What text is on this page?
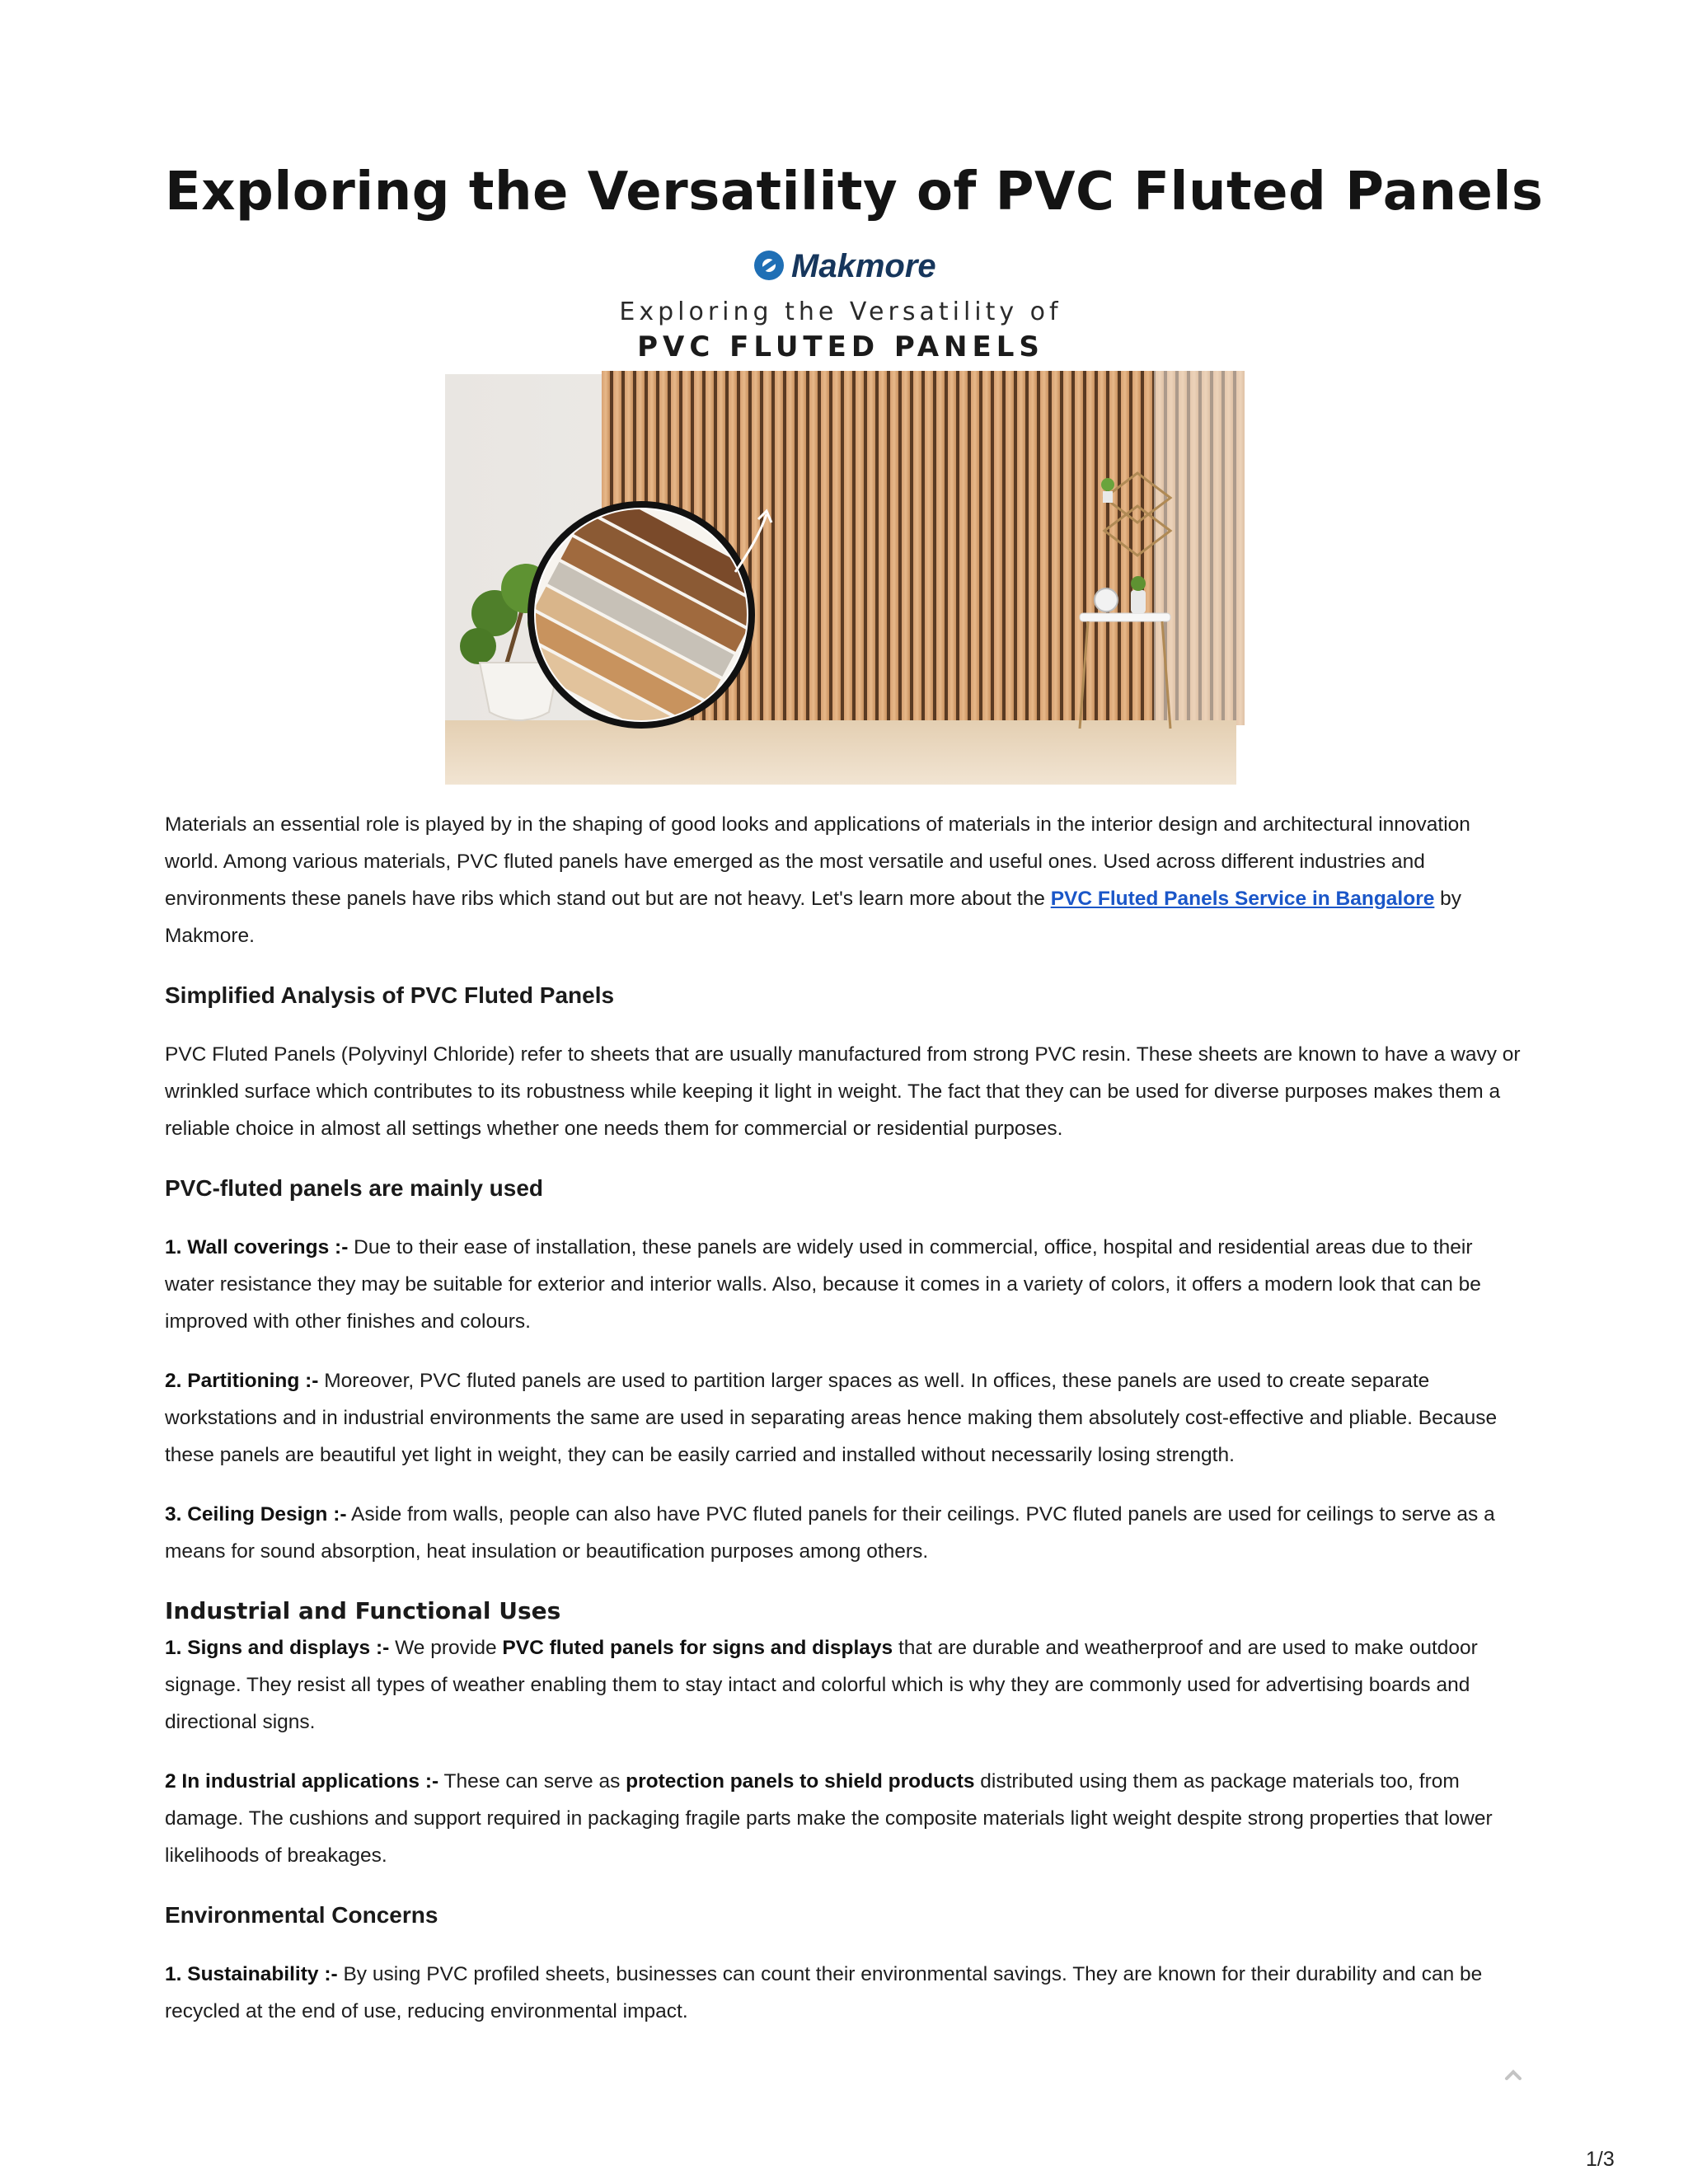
Exploring the Versatility of PVC Fluted Panels
Makmore
Exploring the Versatility of
PVC FLUTED PANELS

Materials an essential role is played by in the shaping of good looks and applications of materials in the interior design and architectural innovation world. Among various materials, PVC fluted panels have emerged as the most versatile and useful ones. Used across different industries and environments these panels have ribs which stand out but are not heavy. Let's learn more about the PVC Fluted Panels Service in Bangalore by Makmore.

Simplified Analysis of PVC Fluted Panels

PVC Fluted Panels (Polyvinyl Chloride) refer to sheets that are usually manufactured from strong PVC resin. These sheets are known to have a wavy or wrinkled surface which contributes to its robustness while keeping it light in weight. The fact that they can be used for diverse purposes makes them a reliable choice in almost all settings whether one needs them for commercial or residential purposes.

PVC-fluted panels are mainly used

1. Wall coverings :- Due to their ease of installation, these panels are widely used in commercial, office, hospital and residential areas due to their water resistance they may be suitable for exterior and interior walls. Also, because it comes in a variety of colors, it offers a modern look that can be improved with other finishes and colours.

2. Partitioning :- Moreover, PVC fluted panels are used to partition larger spaces as well. In offices, these panels are used to create separate workstations and in industrial environments the same are used in separating areas hence making them absolutely cost-effective and pliable. Because these panels are beautiful yet light in weight, they can be easily carried and installed without necessarily losing strength.

3. Ceiling Design :- Aside from walls, people can also have PVC fluted panels for their ceilings. PVC fluted panels are used for ceilings to serve as a means for sound absorption, heat insulation or beautification purposes among others.

Industrial and Functional Uses

1. Signs and displays :- We provide PVC fluted panels for signs and displays that are durable and weatherproof and are used to make outdoor signage. They resist all types of weather enabling them to stay intact and colorful which is why they are commonly used for advertising boards and directional signs.

2 In industrial applications :- These can serve as protection panels to shield products distributed using them as package materials too, from damage. The cushions and support required in packaging fragile parts make the composite materials light weight despite strong properties that lower likelihoods of breakages.

Environmental Concerns

1. Sustainability :- By using PVC profiled sheets, businesses can count their environmental savings. They are known for their durability and can be recycled at the end of use, reducing environmental impact.

1/3
